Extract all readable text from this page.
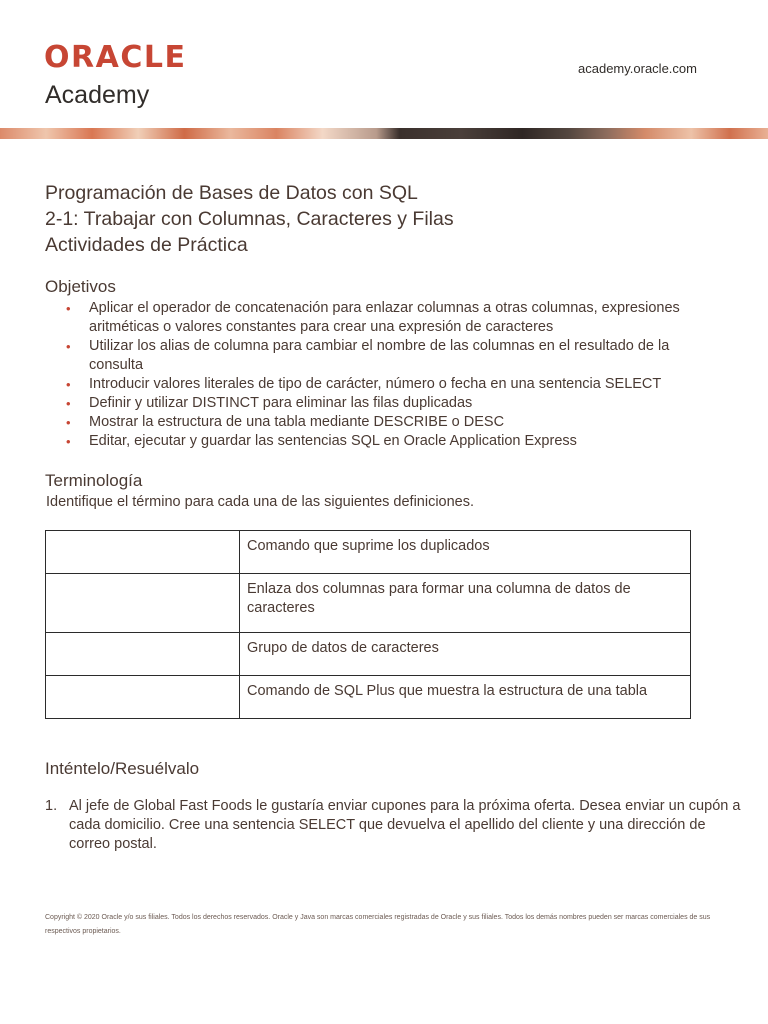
ORACLE
Academy
academy.oracle.com
Programación de Bases de Datos con SQL
2-1: Trabajar con Columnas, Caracteres y Filas
Actividades de Práctica
Objetivos
• Aplicar el operador de concatenación para enlazar columnas a otras columnas, expresiones aritméticas o valores constantes para crear una expresión de caracteres
• Utilizar los alias de columna para cambiar el nombre de las columnas en el resultado de la consulta
• Introducir valores literales de tipo de carácter, número o fecha en una sentencia SELECT
• Definir y utilizar DISTINCT para eliminar las filas duplicadas
• Mostrar la estructura de una tabla mediante DESCRIBE o DESC
• Editar, ejecutar y guardar las sentencias SQL en Oracle Application Express
Terminología

Identifique el término para cada una de las siguientes definiciones.

	Comando que suprime los duplicados
	Enlaza dos columnas para formar una columna de datos de caracteres
	Grupo de datos de caracteres
	Comando de SQL Plus que muestra la estructura de una tabla
Inténtelo/Resuélvalo
1. Al jefe de Global Fast Foods le gustaría enviar cupones para la próxima oferta. Desea enviar un cupón a cada domicilio. Cree una sentencia SELECT que devuelva el apellido del cliente y una dirección de correo postal.

Copyright © 2020 Oracle y/o sus filiales. Todos los derechos reservados. Oracle y Java son marcas comerciales registradas de Oracle y sus filiales. Todos los demás nombres pueden ser marcas comerciales de sus respectivos propietarios.
